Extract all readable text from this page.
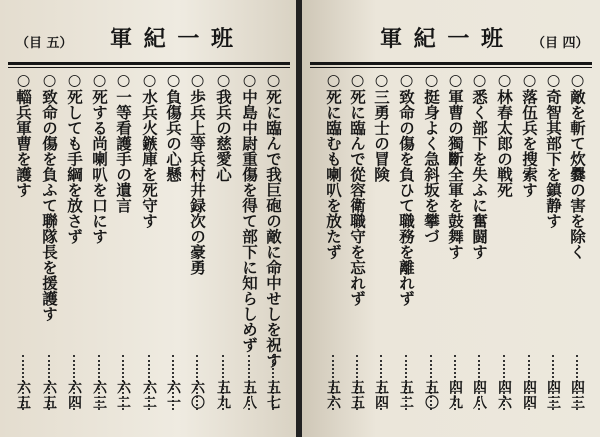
（目 五） 軍 紀 一 班
○死に臨んで我巨砲の敵に命中せしを祝す
五七
○中島中尉重傷を得て部下に知らしめず
五八
○我兵の慈愛心
五九
○歩兵上等兵村井録次の豪勇
六〇
○負傷兵の心懸
六一
○水兵火鏃庫を死守す
六二
○一等看護手の遺言
六二
○死する尚喇叭を口にす
六三
○死しても手綱を放さず
六四
○致命の傷を負ふて聯隊長を援護す
六五
○輜兵軍曹を護す
六五
軍 紀 一 班 （目 四）
○敵を斬て炊爨の害を除く
四三
○奇智其部下を鎮静す
四三
○落伍兵を搜索す
四四
○林春太郎の戦死
四六
○悉く部下を失ふに奮闘す
四八
○軍曹の獨斷全軍を鼓舞す
四九
○挺身よく急斜坂を攀づ
五〇
○致命の傷を負ひて職務を離れず
五二
○三勇士の冒険
五四
○死に臨んで從容衛職守を忘れず
五五
○死に臨むも喇叭を放たず
五六
